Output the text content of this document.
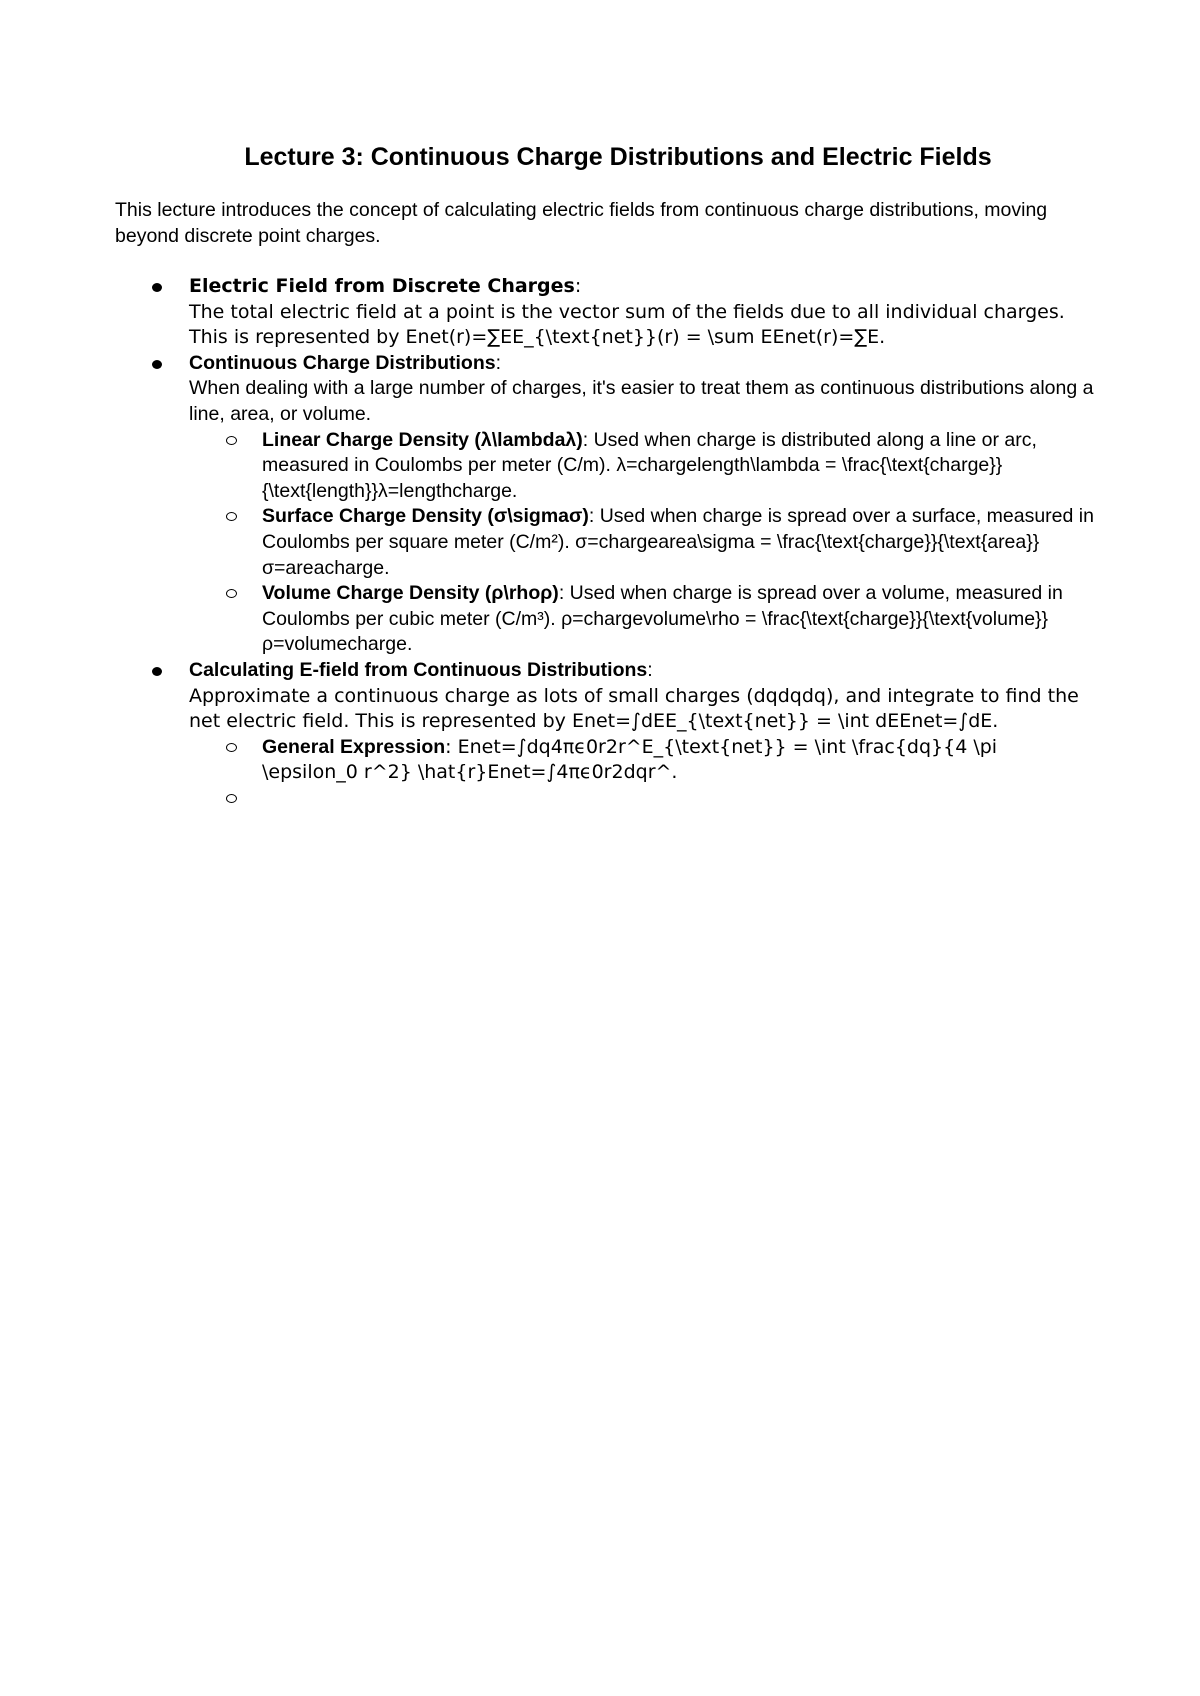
Lecture 3: Continuous Charge Distributions and Electric Fields

This lecture introduces the concept of calculating electric fields from continuous charge distributions, moving beyond discrete point charges.

Electric Field from Discrete Charges:
The total electric field at a point is the vector sum of the fields due to all individual charges. This is represented by Enet(r)=∑EE_{\text{net}}(r) = \sum EEnet(r)=∑E.
Continuous Charge Distributions:
When dealing with a large number of charges, it's easier to treat them as continuous distributions along a line, area, or volume.
Linear Charge Density (λ\lambdaλ): Used when charge is distributed along a line or arc, measured in Coulombs per meter (C/m). λ=chargelength\lambda = \frac{\text{charge}}{\text{length}}λ=lengthcharge.
Surface Charge Density (σ\sigmaσ): Used when charge is spread over a surface, measured in Coulombs per square meter (C/m²). σ=chargearea\sigma = \frac{\text{charge}}{\text{area}}σ=areacharge.
Volume Charge Density (ρ\rhoρ): Used when charge is spread over a volume, measured in Coulombs per cubic meter (C/m³). ρ=chargevolume\rho = \frac{\text{charge}}{\text{volume}}ρ=volumecharge.
Calculating E-field from Continuous Distributions:
Approximate a continuous charge as lots of small charges (dqdqdq), and integrate to find the net electric field. This is represented by Enet=∫dEE_{\text{net}} = \int dEEnet=∫dE.
General Expression: Enet=∫dq4πϵ0r2r^E_{\text{net}} = \int \frac{dq}{4 \pi \epsilon_0 r^2} \hat{r}Enet=∫4πϵ0r2dqr^.
